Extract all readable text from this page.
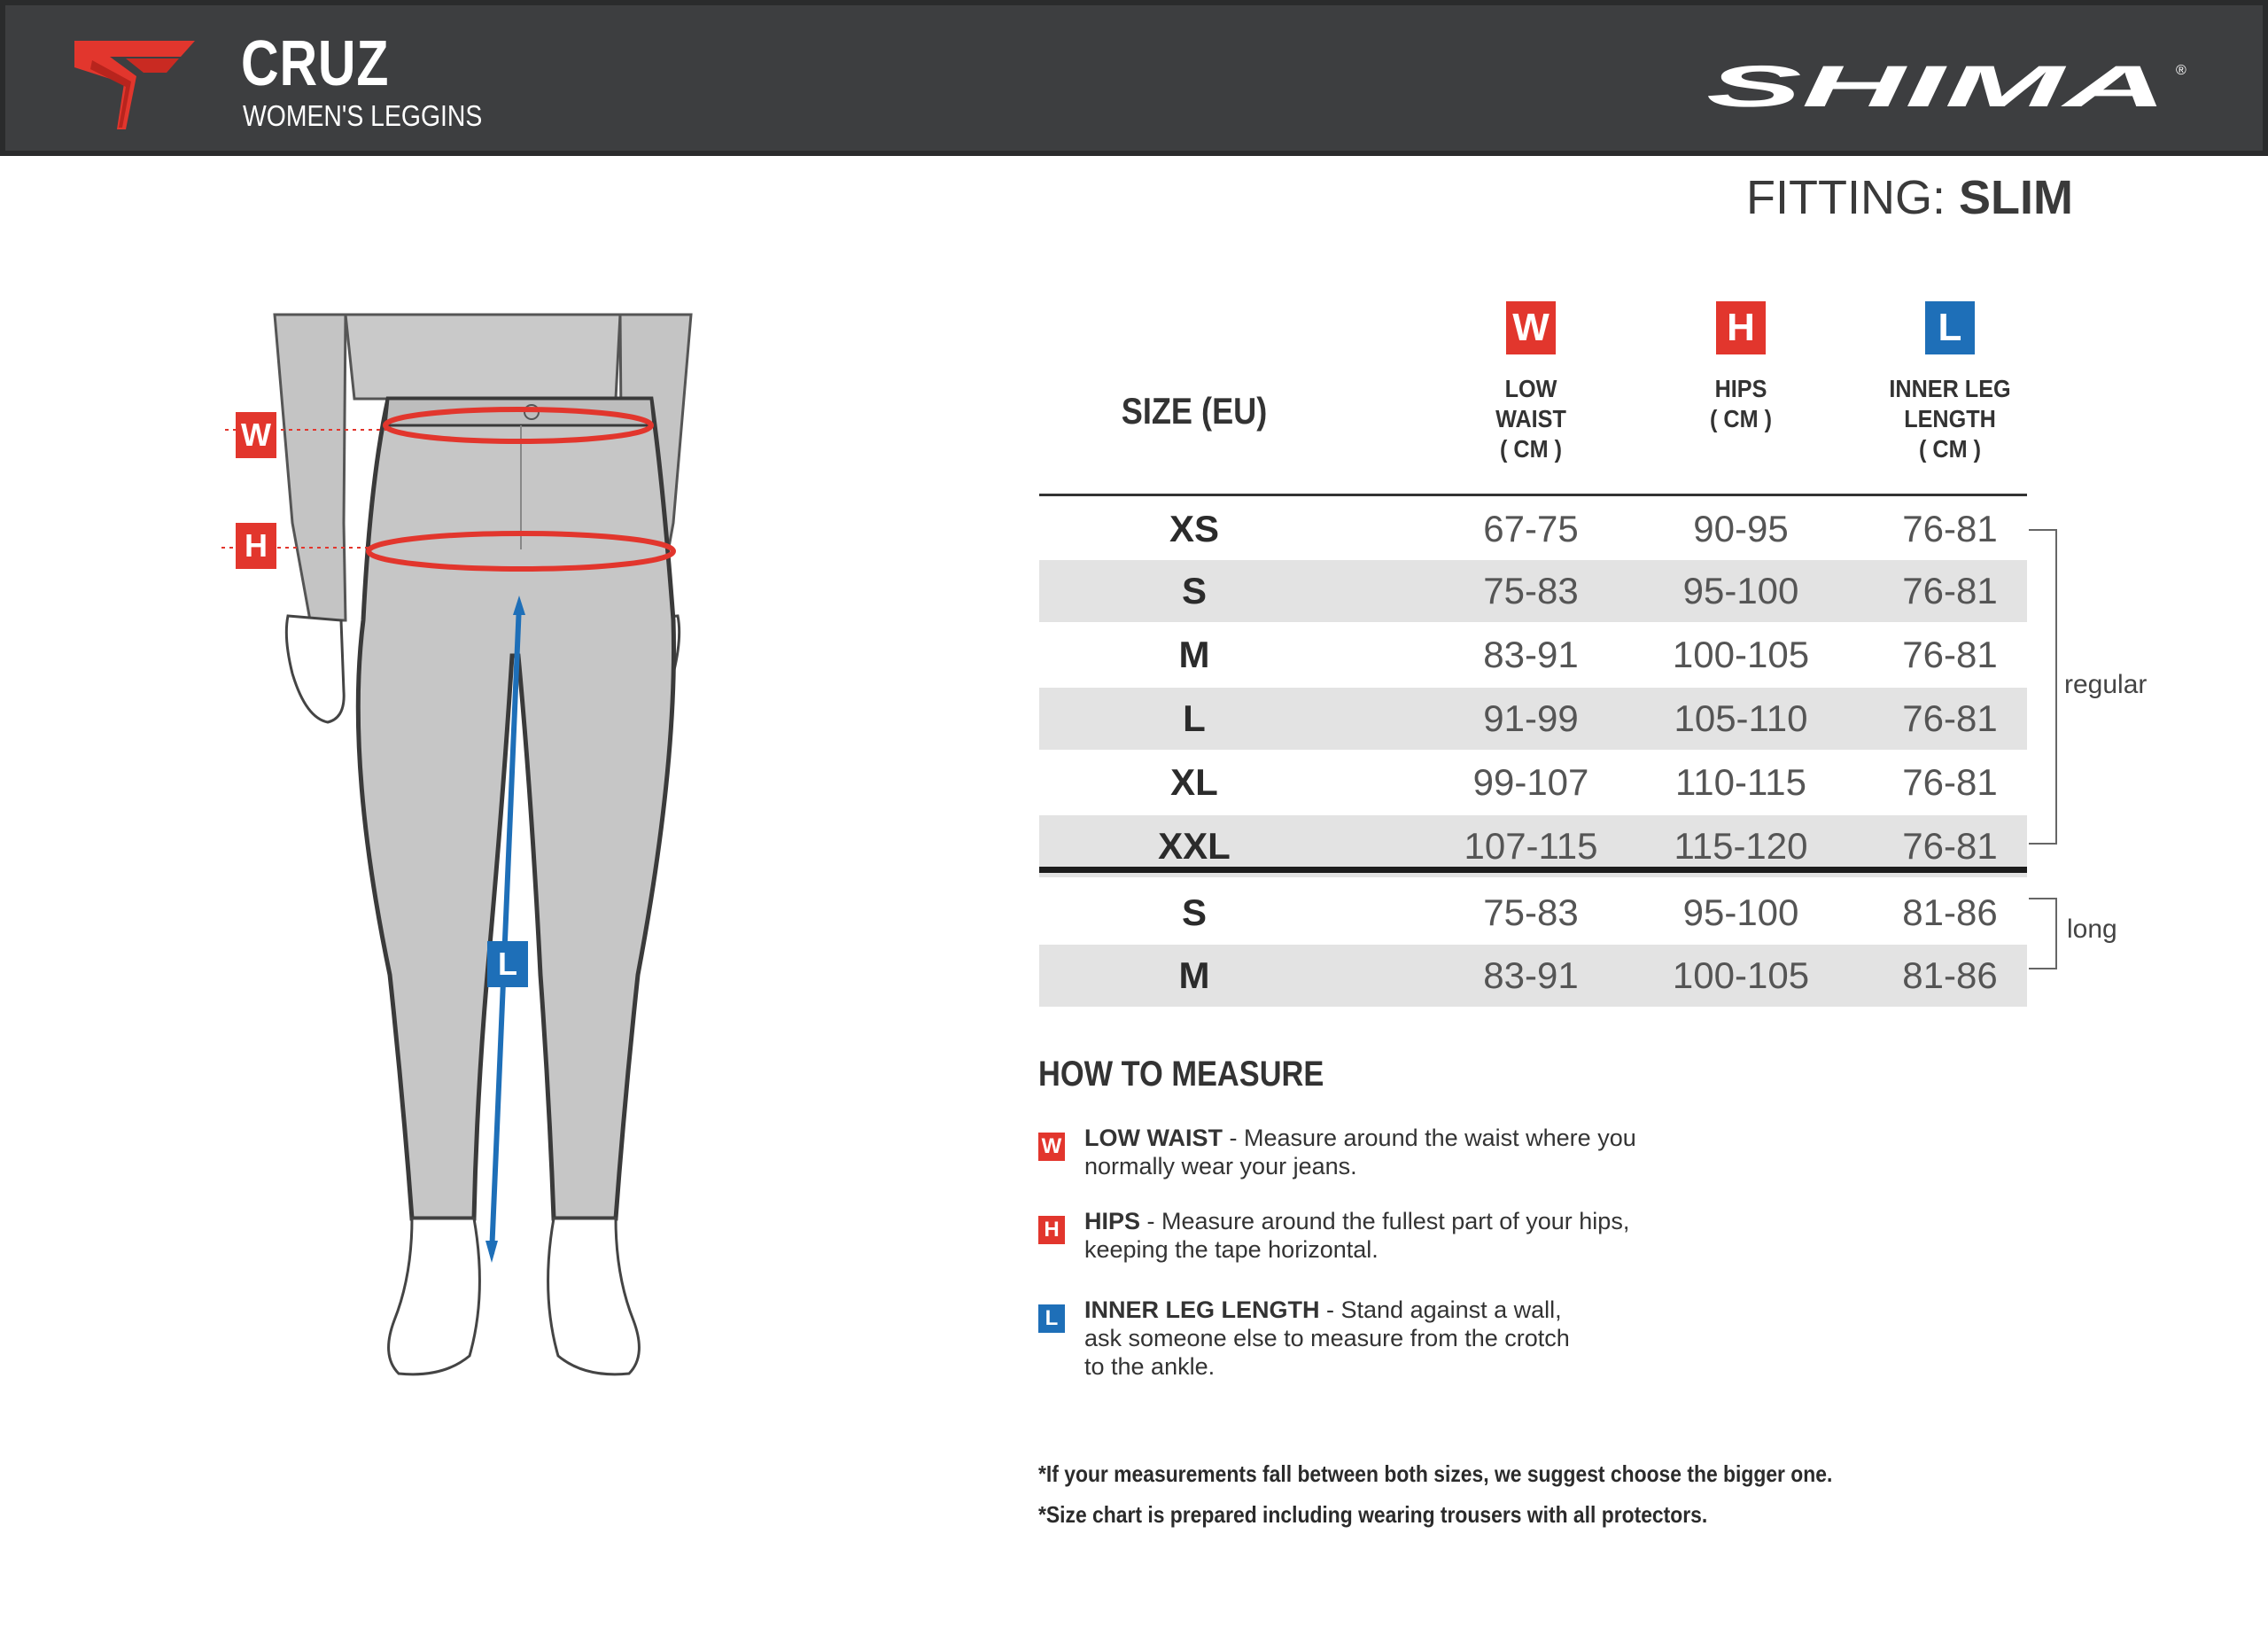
CRUZ
WOMEN'S LEGGINS	SHIMA ®
FITTING: SLIM
W
H
L
SIZE (EU)
W
LOW
WAIST
( CM )
H
HIPS
( CM )
L
INNER LEG
LENGTH
( CM )
XS	67-75	90-95	76-81
S	75-83	95-100	76-81
M	83-91	100-105	76-81
L	91-99	105-110	76-81
XL	99-107	110-115	76-81
XXL	107-115	115-120	76-81
S	75-83	95-100	81-86
M	83-91	100-105	81-86
regular
long
HOW TO MEASURE
W LOW WAIST - Measure around the waist where you
normally wear your jeans.
H HIPS - Measure around the fullest part of your hips,
keeping the tape horizontal.
L INNER LEG LENGTH - Stand against a wall,
ask someone else to measure from the crotch
to the ankle.
*If your measurements fall between both sizes, we suggest choose the bigger one.
*Size chart is prepared including wearing trousers with all protectors.
